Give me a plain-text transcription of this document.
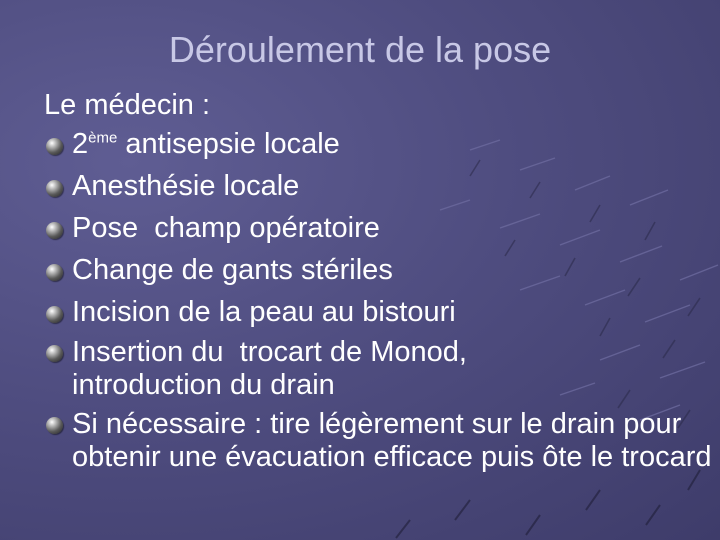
Déroulement de la pose
Le médecin :
2ème antisepsie locale
Anesthésie locale
Pose  champ opératoire
Change de gants stériles
Incision de la peau au bistouri
Insertion du  trocart de Monod, introduction du drain
Si nécessaire : tire légèrement sur le drain pour obtenir une évacuation efficace puis ôte le trocard
